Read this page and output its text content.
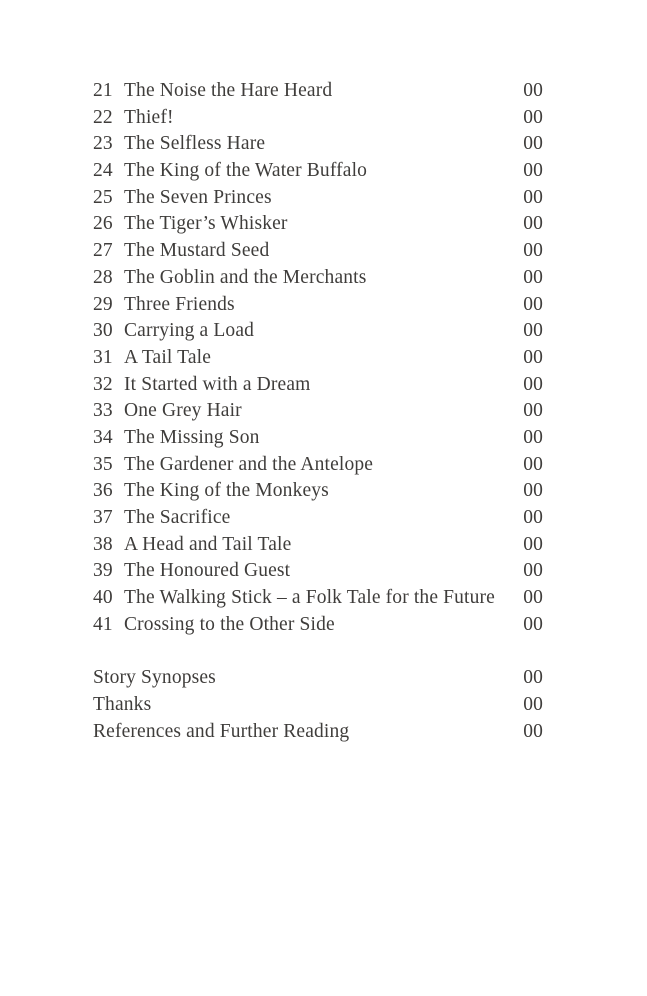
21 The Noise the Hare Heard	00
22 Thief!	00
23 The Selfless Hare	00
24 The King of the Water Buffalo	00
25 The Seven Princes	00
26 The Tiger’s Whisker	00
27 The Mustard Seed	00
28 The Goblin and the Merchants	00
29 Three Friends	00
30 Carrying a Load	00
31 A Tail Tale	00
32 It Started with a Dream	00
33 One Grey Hair	00
34 The Missing Son	00
35 The Gardener and the Antelope	00
36 The King of the Monkeys	00
37 The Sacrifice	00
38 A Head and Tail Tale	00
39 The Honoured Guest	00
40 The Walking Stick – a Folk Tale for the Future	00
41 Crossing to the Other Side	00
Story Synopses	00
Thanks	00
References and Further Reading	00
